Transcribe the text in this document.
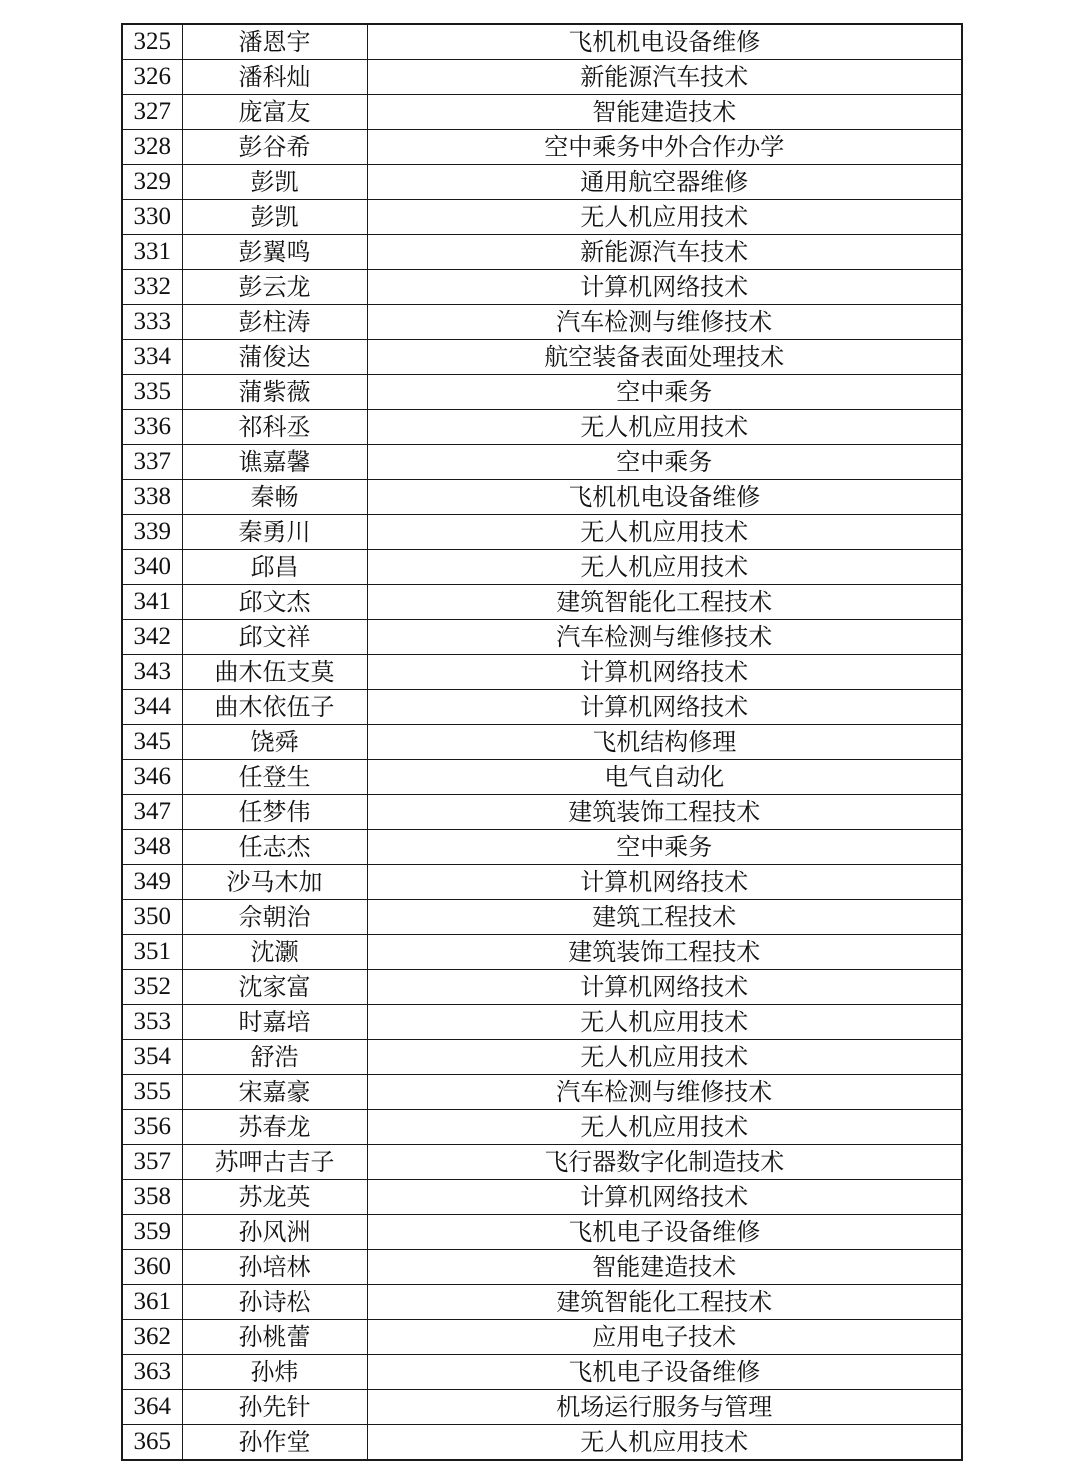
325	潘恩宇	飞机机电设备维修
326	潘科灿	新能源汽车技术
327	庞富友	智能建造技术
328	彭谷希	空中乘务中外合作办学
329	彭凯	通用航空器维修
330	彭凯	无人机应用技术
331	彭翼鸣	新能源汽车技术
332	彭云龙	计算机网络技术
333	彭柱涛	汽车检测与维修技术
334	蒲俊达	航空装备表面处理技术
335	蒲紫薇	空中乘务
336	祁科丞	无人机应用技术
337	谯嘉馨	空中乘务
338	秦畅	飞机机电设备维修
339	秦勇川	无人机应用技术
340	邱昌	无人机应用技术
341	邱文杰	建筑智能化工程技术
342	邱文祥	汽车检测与维修技术
343	曲木伍支莫	计算机网络技术
344	曲木依伍子	计算机网络技术
345	饶舜	飞机结构修理
346	任登生	电气自动化
347	任梦伟	建筑装饰工程技术
348	任志杰	空中乘务
349	沙马木加	计算机网络技术
350	佘朝治	建筑工程技术
351	沈灏	建筑装饰工程技术
352	沈家富	计算机网络技术
353	时嘉培	无人机应用技术
354	舒浩	无人机应用技术
355	宋嘉豪	汽车检测与维修技术
356	苏春龙	无人机应用技术
357	苏呷古吉子	飞行器数字化制造技术
358	苏龙英	计算机网络技术
359	孙风洲	飞机电子设备维修
360	孙培林	智能建造技术
361	孙诗松	建筑智能化工程技术
362	孙桃蕾	应用电子技术
363	孙炜	飞机电子设备维修
364	孙先针	机场运行服务与管理
365	孙作堂	无人机应用技术
